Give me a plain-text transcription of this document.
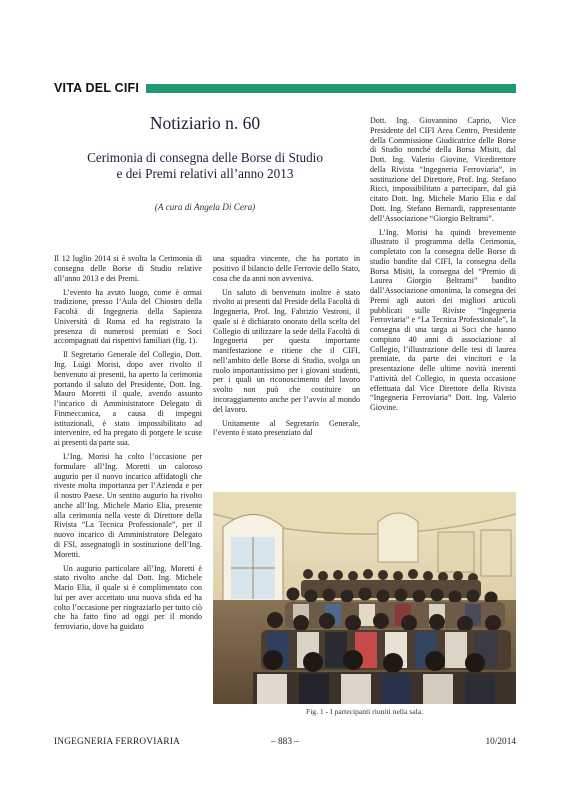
VITA DEL CIFI
Notiziario n. 60
Cerimonia di consegna delle Borse di Studio
e dei Premi relativi all’anno 2013
(A cura di Angela Di Cera)

Il 12 luglio 2014 si è svolta la Cerimonia di consegna delle Borse di Studio relative all’anno 2013 e dei Premi.

L’evento ha avuto luogo, come è ormai tradizione, presso l’Aula del Chiostro della Facoltà di Ingegneria della Sapienza Università di Roma ed ha registrato la presenza di numerosi premiati e Soci accompagnati dai rispettivi familiari (fig. 1).

Il Segretario Generale del Collegio, Dott. Ing. Luigi Morisi, dopo aver rivolto il benvenuto ai presenti, ha aperto la cerimonia portando il saluto del Presidente, Dott. Ing. Mauro Moretti il quale, avendo assunto l’incarico di Amministratore Delegato di Finmeccanica, a causa di impegni istituzionali, è stato impossibilitato ad intervenire, ed ha pregato di porgere le scuse ai presenti da parte sua.

L’Ing. Morisi ha colto l’occasione per formulare all’Ing. Moretti un caloroso augurio per il nuovo incarico affidatogli che riveste molta importanza per l’Azienda e per il nostro Paese. Un sentito augurio ha rivolto anche all’Ing. Michele Mario Elia, presente alla cerimonia nella veste di Direttore della Rivista “La Tecnica Professionale”, per il nuovo incarico di Amministratore Delegato di FSI, assegnatogli in sostituzione dell’Ing. Moretti.

Un augurio particolare all’Ing. Moretti è stato rivolto anche dal Dott. Ing. Michele Mario Elia, il quale si è complimentato con lui per aver accettato una nuova sfida ed ha colto l’occasione per ringraziarlo per tutto ciò che ha fatto fino ad oggi per il mondo ferroviario, dove ha guidato

una squadra vincente, che ha portato in positivo il bilancio delle Ferrovie dello Stato, cosa che da anni non avveniva.

Un saluto di benvenuto inoltre è stato rivolto ai presenti dal Preside della Facoltà di Ingegneria, Prof. Ing. Fabrizio Vestroni, il quale si è dichiarato onorato della scelta del Collegio di utilizzare la sede della Facoltà di Ingegneria per questa importante manifestazione e ritiene che il CIFI, nell’ambito delle Borse di Studio, svolga un ruolo importantissimo per i giovani studenti, per i quali un riconoscimento del lavoro svolto non può che costituire un incoraggiamento anche per l’avvio al mondo del lavoro.

Unitamente al Segretario Generale, l’evento è stato presenziato dal

Dott. Ing. Giovannino Caprio, Vice Presidente del CIFI Area Centro, Presidente della Commissione Giudicatrice delle Borse di Studio nonché della Borsa Misiti, dal Dott. Ing. Valerio Giovine, Vicedirettore della Rivista “Ingegneria Ferroviaria”, in sostituzione del Direttore, Prof. Ing. Stefano Ricci, impossibilitato a partecipare, dal già citato Dott. Ing. Michele Mario Elia e dal Dott. Ing. Stefano Bernardi, rappresentante dell’Associazione “Giorgio Beltrami”.

L’Ing. Morisi ha quindi brevemente illustrato il programma della Cerimonia, completato con la consegna delle Borse di studio bandite dal CIFI, la consegna della Borsa Misiti, la consegna del “Premio di Laurea Giorgio Beltrami” bandito dall’Associazione omonima, la consegna dei Premi agli autori dei migliori articoli pubblicati sulle Riviste “Ingegneria Ferroviaria” e “La Tecnica Professionale”, la consegna di una targa ai Soci che hanno compiuto 40 anni di associazione al Collegio, l’illustrazione delle tesi di laurea premiate, da parte dei vincitori e la presentazione delle ultime novità inerenti l’attività del Collegio, in questa occasione effettuata dal Vice Direttore della Rivista “Ingegneria Ferroviaria” Dott. Ing. Valerio Giovine.

Fig. 1 - I partecipanti riuniti nella sala.
INGEGNERIA FERROVIARIA	– 883 –	10/2014
